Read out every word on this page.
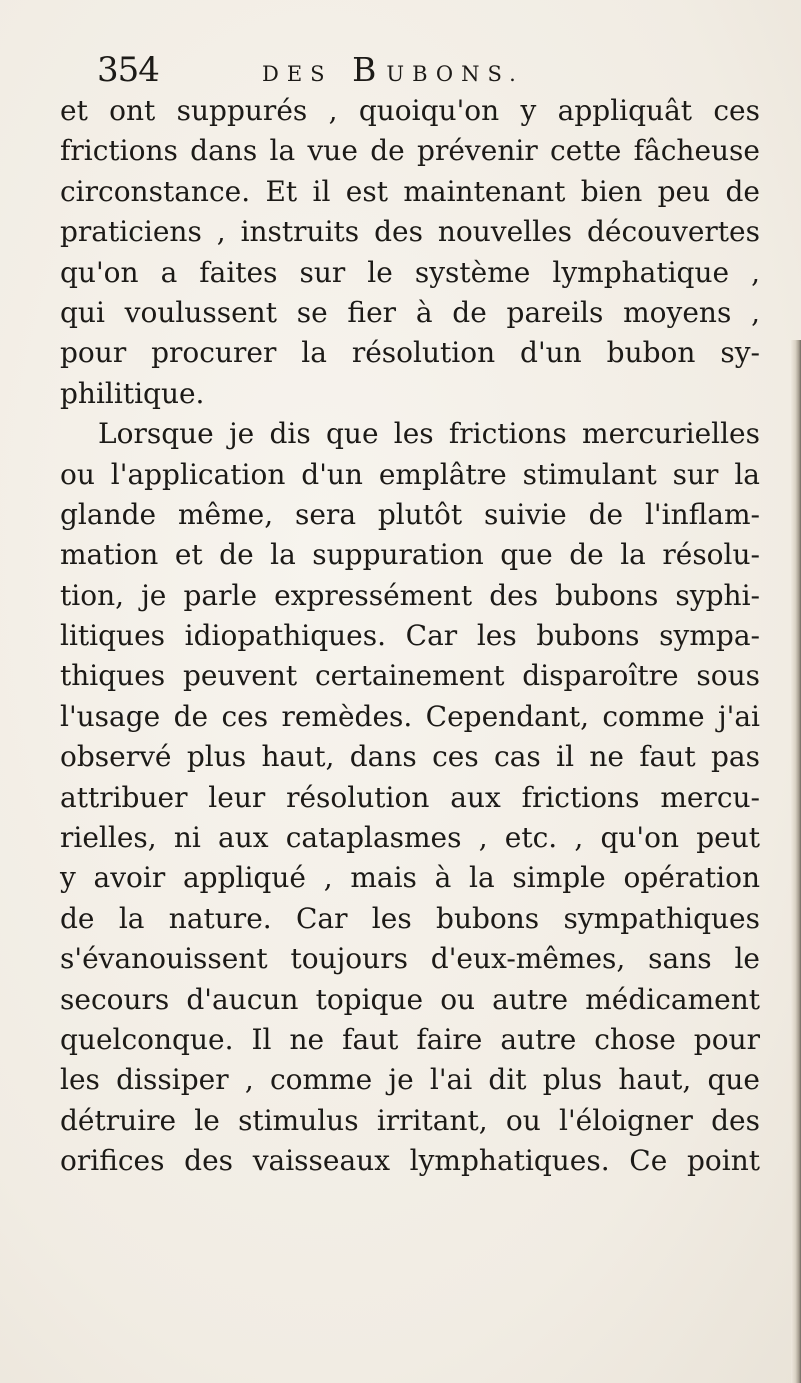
354	DES BUBONS.
et ont suppurés , quoiqu'on y appliquât ces
frictions dans la vue de prévenir cette fâcheuse
circonstance. Et il est maintenant bien peu de
praticiens , instruits des nouvelles découvertes
qu'on a faites sur le système lymphatique ,
qui voulussent se fier à de pareils moyens ,
pour procurer la résolution d'un bubon sy-
philitique.
Lorsque je dis que les frictions mercurielles
ou l'application d'un emplâtre stimulant sur la
glande même, sera plutôt suivie de l'inflam-
mation et de la suppuration que de la résolu-
tion, je parle expressément des bubons syphi-
litiques idiopathiques. Car les bubons sympa-
thiques peuvent certainement disparoître sous
l'usage de ces remèdes. Cependant, comme j'ai
observé plus haut, dans ces cas il ne faut pas
attribuer leur résolution aux frictions mercu-
rielles, ni aux cataplasmes , etc. , qu'on peut
y avoir appliqué , mais à la simple opération
de la nature. Car les bubons sympathiques
s'évanouissent toujours d'eux-mêmes, sans le
secours d'aucun topique ou autre médicament
quelconque. Il ne faut faire autre chose pour
les dissiper , comme je l'ai dit plus haut, que
détruire le stimulus irritant, ou l'éloigner des
orifices des vaisseaux lymphatiques. Ce point
